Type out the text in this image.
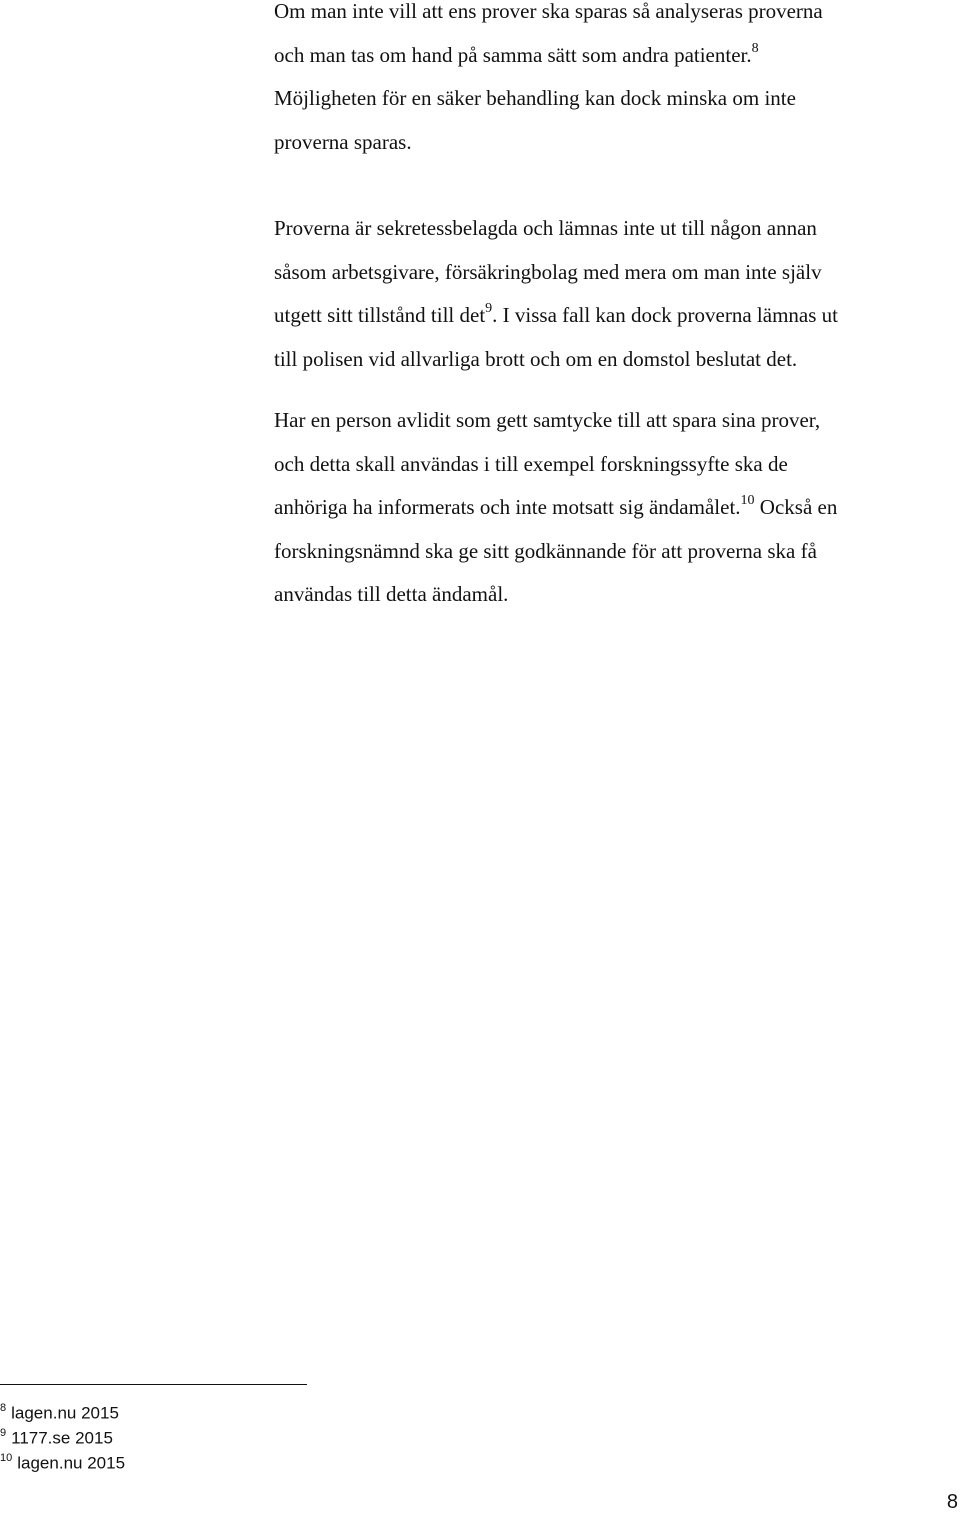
Om man inte vill att ens prover ska sparas så analyseras proverna
och man tas om hand på samma sätt som andra patienter.$^8$
Möjligheten för en säker behandling kan dock minska om inte
proverna sparas.
Proverna är sekretessbelagda och lämnas inte ut till någon annan
såsom arbetsgivare, försäkringbolag med mera om man inte själv
utgett sitt tillstånd till $\det^9$. I vissa fall kan dock proverna lämnas ut
till polisen vid allvarliga brott och om en domstol beslutat det.
Har en person avlidit som gett samtycke till att spara sina prover,
och detta skall användas i till exempel forskningssyfte ska de
anhöriga ha informerats och inte motsatt sig ändamålet.$^{10}$ Också en
forskningsnämnd ska ge sitt godkännande för att proverna ska få
användas till detta ändamål.
$^8$ lagen.nu 2015
$^9$ 1177.se 2015
$^{10}$ lagen.nu 2015
8
